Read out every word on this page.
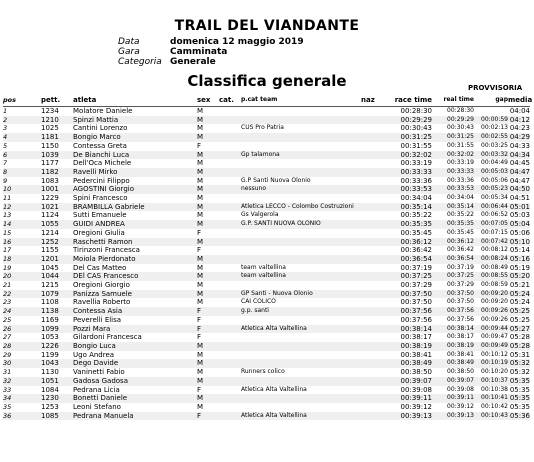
TRAIL DEL VIANDANTE
Data	domenica 12 maggio 2019
Gara	Camminata
Categoria Generale
Classifica generale	PROVVISORIA
pos	pett.	atleta	sex	cat.	p.cat team	naz	race time	real time	gap	media
1	1234	Molatore Daniele	M				00:28:30	00:28:30		04:04
2	1210	Spinzi Mattia	M				00:29:29	00:29:29	00:00:59	04:12
3	1025	Cantini Lorenzo	M		CUS Pro Patria		00:30:43	00:30:43	00:02:13	04:23
4	1181	Bongio Marco	M				00:31:25	00:31:25	00:02:55	04:29
5	1150	Contessa Greta	F				00:31:55	00:31:55	00:03:25	04:33
6	1039	De Bianchi Luca	M		Gp talamona		00:32:02	00:32:02	00:03:32	04:34
7	1177	Dell'Oca Michele	M				00:33:19	00:33:19	00:04:49	04:45
8	1182	Ravelli Mirko	M				00:33:33	00:33:33	00:05:03	04:47
9	1083	Pedercini Filippo	M		G.P Santi Nuova Olonio		00:33:36	00:33:36	00:05:06	04:47
10	1001	AGOSTINI Giorgio	M		nessuno		00:33:53	00:33:53	00:05:23	04:50
11	1229	Spini Francesco	M				00:34:04	00:34:04	00:05:34	04:51
12	1021	BRAMBILLA Gabriele	M		Atletica LECCO - Colombo Costruzioni		00:35:14	00:35:14	00:06:44	05:01
13	1124	Sutti Emanuele	M		Gs Valgerola		00:35:22	00:35:22	00:06:52	05:03
14	1055	GUIDI ANDREA	M		G.P. SANTI NUOVA OLONIO		00:35:35	00:35:35	00:07:05	05:04
15	1214	Oregioni Giulia	F				00:35:45	00:35:45	00:07:15	05:06
16	1252	Raschetti Ramon	M				00:36:12	00:36:12	00:07:42	05:10
17	1155	Tirinzoni Francesca	F				00:36:42	00:36:42	00:08:12	05:14
18	1201	Moiola Pierdonato	M				00:36:54	00:36:54	00:08:24	05:16
19	1045	Del Cas Matteo	M		team valtellina		00:37:19	00:37:19	00:08:49	05:19
20	1044	DEl CAS Francesco	M		team valtellina		00:37:25	00:37:25	00:08:55	05:20
21	1215	Oregioni Giorgio	M				00:37:29	00:37:29	00:08:59	05:21
22	1079	Panizza Samuele	M		GP Santi - Nuova Olonio		00:37:50	00:37:50	00:09:20	05:24
23	1108	Ravellia Roberto	M		CAI COLICO		00:37:50	00:37:50	00:09:20	05:24
24	1138	Contessa Asia	F		g.p. santi		00:37:56	00:37:56	00:09:26	05:25
25	1169	Peverelli Elisa	F				00:37:56	00:37:56	00:09:26	05:25
26	1099	Pozzi Mara	F		Atletica Alta Valtellina		00:38:14	00:38:14	00:09:44	05:27
27	1053	Gilardoni Francesca	F				00:38:17	00:38:17	00:09:47	05:28
28	1226	Bongio Luca	M				00:38:19	00:38:19	00:09:49	05:28
29	1199	Ugo Andrea	M				00:38:41	00:38:41	00:10:12	05:31
30	1043	Dego Davide	M				00:38:49	00:38:49	00:10:19	05:32
31	1130	Vaninetti Fabio	M		Runners colico		00:38:50	00:38:50	00:10:20	05:32
32	1051	Gadosa Gadosa	M				00:39:07	00:39:07	00:10:37	05:35
33	1084	Pedrana Licia	F		Atletica Alta Valtellina		00:39:08	00:39:08	00:10:38	05:35
34	1230	Bonetti Daniele	M				00:39:11	00:39:11	00:10:41	05:35
35	1253	Leoni Stefano	M				00:39:12	00:39:12	00:10:42	05:35
36	1085	Pedrana Manuela	F		Atletica Alta Valtellina		00:39:13	00:39:13	00:10:43	05:36
